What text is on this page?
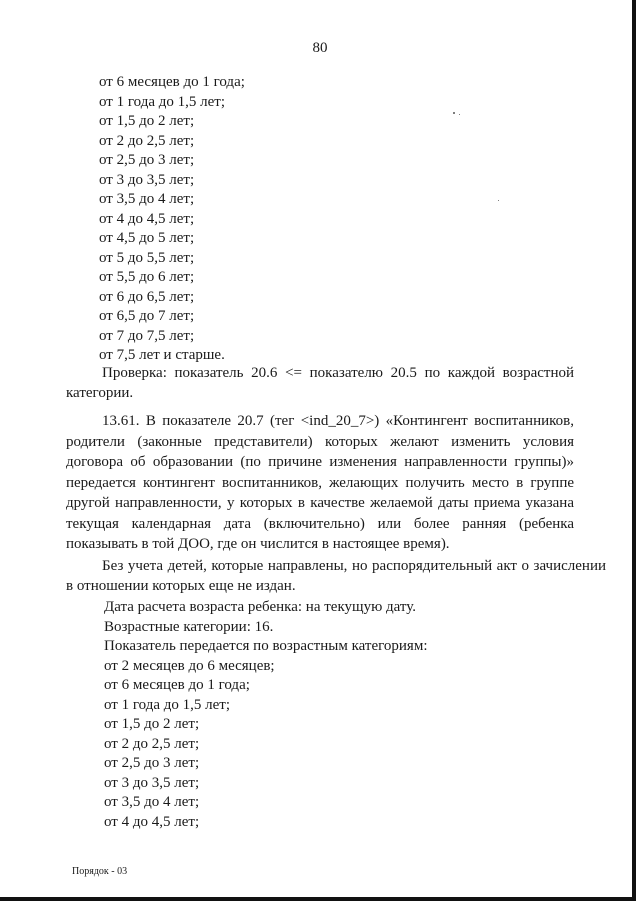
80
от 6 месяцев до 1 года;
от 1 года до 1,5 лет;
от 1,5 до 2 лет;
от 2 до 2,5 лет;
от 2,5 до 3 лет;
от 3 до 3,5 лет;
от 3,5 до 4 лет;
от 4 до 4,5 лет;
от 4,5 до 5 лет;
от 5 до 5,5 лет;
от 5,5 до 6 лет;
от 6 до 6,5 лет;
от 6,5 до 7 лет;
от 7 до 7,5 лет;
от 7,5 лет и старше.
Проверка: показатель 20.6 <= показателю 20.5 по каждой возрастной категории.
13.61. В показателе 20.7 (тег <ind_20_7>) «Контингент воспитанников, родители (законные представители) которых желают изменить условия договора об образовании (по причине изменения направленности группы)» передается контингент воспитанников, желающих получить место в группе другой направленности, у которых в качестве желаемой даты приема указана текущая календарная дата (включительно) или более ранняя (ребенка показывать в той ДОО, где он числится в настоящее время).
Без учета детей, которые направлены, но распорядительный акт о зачислении в отношении которых еще не издан.
Дата расчета возраста ребенка: на текущую дату.
Возрастные категории: 16.
Показатель передается по возрастным категориям:
от 2 месяцев до 6 месяцев;
от 6 месяцев до 1 года;
от 1 года до 1,5 лет;
от 1,5 до 2 лет;
от 2 до 2,5 лет;
от 2,5 до 3 лет;
от 3 до 3,5 лет;
от 3,5 до 4 лет;
от 4 до 4,5 лет;
Порядок - 03
